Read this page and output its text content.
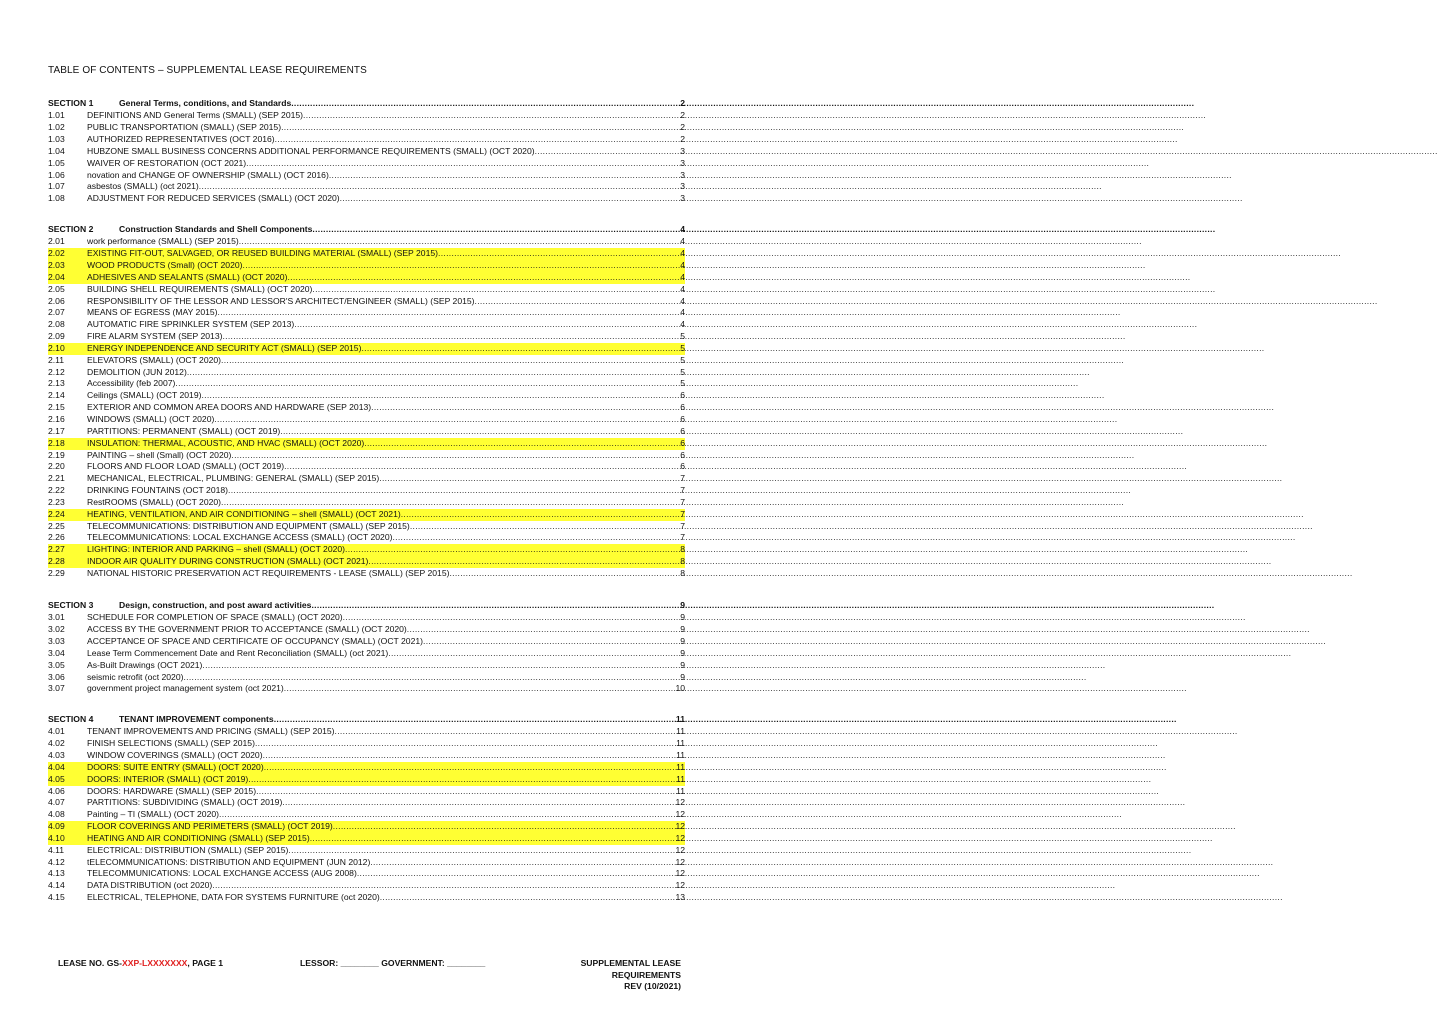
TABLE OF CONTENTS – SUPPLEMENTAL LEASE REQUIREMENTS
SECTION 1	General Terms, conditions, and Standards .....	2
1.01	DEFINITIONS AND General Terms (SMALL) (SEP 2015) .....	2
1.02	PUBLIC TRANSPORTATION (SMALL) (SEP 2015) .....	2
1.03	AUTHORIZED REPRESENTATIVES (OCT 2016) .....	2
1.04	HUBZONE SMALL BUSINESS CONCERNS ADDITIONAL PERFORMANCE REQUIREMENTS (SMALL) (OCT 2020) .....	3
1.05	WAIVER OF RESTORATION (OCT 2021) .....	3
1.06	novation and CHANGE OF OWNERSHIP (SMALL) (OCT 2016) .....	3
1.07	asbestos (SMALL) (oct 2021) .....	3
1.08	ADJUSTMENT FOR REDUCED SERVICES (SMALL) (OCT 2020) .....	3
SECTION 2	Construction Standards and Shell Components .....	4
2.01	work performance (SMALL) (SEP 2015) .....	4
2.02	EXISTING FIT-OUT, SALVAGED, OR REUSED BUILDING MATERIAL (SMALL) (SEP 2015) .....	4
2.03	WOOD PRODUCTS (Small) (OCT 2020) .....	4
2.04	ADHESIVES AND SEALANTS (SMALL) (OCT 2020) .....	4
2.05	BUILDING SHELL REQUIREMENTS (SMALL) (OCT 2020) .....	4
2.06	RESPONSIBILITY OF THE LESSOR AND LESSOR'S ARCHITECT/ENGINEER (SMALL) (SEP 2015) .....	4
2.07	MEANS OF EGRESS (MAY 2015) .....	4
2.08	AUTOMATIC FIRE SPRINKLER SYSTEM (SEP 2013) .....	4
2.09	FIRE ALARM SYSTEM (SEP 2013) .....	5
2.10	ENERGY INDEPENDENCE AND SECURITY ACT (SMALL) (SEP 2015) .....	5
2.11	ELEVATORS (SMALL) (OCT 2020) .....	5
2.12	DEMOLITION (JUN 2012) .....	5
2.13	Accessibility (feb 2007) .....	5
2.14	Ceilings (SMALL) (OCT 2019) .....	6
2.15	EXTERIOR AND COMMON AREA DOORS AND HARDWARE (SEP 2013) .....	6
2.16	WINDOWS (SMALL) (OCT 2020) .....	6
2.17	PARTITIONS: PERMANENT (SMALL) (OCT 2019) .....	6
2.18	INSULATION: THERMAL, ACOUSTIC, AND HVAC (SMALL) (OCT 2020) .....	6
2.19	PAINTING – shell (Small) (OCT 2020) .....	6
2.20	FLOORS AND FLOOR LOAD (SMALL) (OCT 2019) .....	6
2.21	MECHANICAL, ELECTRICAL, PLUMBING: GENERAL (SMALL) (SEP 2015) .....	7
2.22	DRINKING FOUNTAINS (OCT 2018) .....	7
2.23	RestROOMS (SMALL) (OCT 2020) .....	7
2.24	HEATING, VENTILATION, AND AIR CONDITIONING – shell (SMALL) (OCT 2021) .....	7
2.25	TELECOMMUNICATIONS: DISTRIBUTION AND EQUIPMENT (SMALL) (SEP 2015) .....	7
2.26	TELECOMMUNICATIONS: LOCAL EXCHANGE ACCESS (SMALL) (OCT 2020) .....	7
2.27	LIGHTING: INTERIOR AND PARKING – shell (SMALL) (OCT 2020) .....	8
2.28	INDOOR AIR QUALITY DURING CONSTRUCTION (SMALL) (OCT 2021) .....	8
2.29	NATIONAL HISTORIC PRESERVATION ACT REQUIREMENTS - LEASE (SMALL) (SEP 2015) .....	8
SECTION 3	Design, construction, and post award activities .....	9
3.01	SCHEDULE FOR COMPLETION OF SPACE (SMALL) (OCT 2020) .....	9
3.02	ACCESS BY THE GOVERNMENT PRIOR TO ACCEPTANCE (SMALL) (OCT 2020) .....	9
3.03	ACCEPTANCE OF SPACE AND CERTIFICATE OF OCCUPANCY (SMALL) (OCT 2021) .....	9
3.04	Lease Term Commencement Date and Rent Reconciliation (SMALL) (oct 2021) .....	9
3.05	As-Built Drawings (OCT 2021) .....	9
3.06	seismic retrofit (oct 2020) .....	9
3.07	government project management system (oct 2021) .....	10
SECTION 4	TENANT IMPROVEMENT components .....	11
4.01	TENANT IMPROVEMENTS AND PRICING (SMALL) (SEP 2015) .....	11
4.02	FINISH SELECTIONS (SMALL) (SEP 2015) .....	11
4.03	WINDOW COVERINGS (SMALL) (OCT 2020) .....	11
4.04	DOORS: SUITE ENTRY (SMALL) (OCT 2020) .....	11
4.05	DOORS: INTERIOR (SMALL) (OCT 2019) .....	11
4.06	DOORS: HARDWARE (SMALL) (SEP 2015) .....	11
4.07	PARTITIONS: SUBDIVIDING (SMALL) (OCT 2019) .....	12
4.08	Painting – TI (SMALL) (OCT 2020) .....	12
4.09	FLOOR COVERINGS AND PERIMETERS (SMALL) (OCT 2019) .....	12
4.10	HEATING AND AIR CONDITIONING (SMALL) (SEP 2015) .....	12
4.11	ELECTRICAL: DISTRIBUTION (SMALL) (SEP 2015) .....	12
4.12	tELECOMMUNICATIONS: DISTRIBUTION AND EQUIPMENT (JUN 2012) .....	12
4.13	TELECOMMUNICATIONS: LOCAL EXCHANGE ACCESS (AUG 2008) .....	12
4.14	DATA DISTRIBUTION (oct 2020) .....	12
4.15	ELECTRICAL, TELEPHONE, DATA FOR SYSTEMS FURNITURE (oct 2020) .....	13
LEASE NO. GS-XXP-LXXXXXXX, PAGE 1	LESSOR: ________ GOVERNMENT: ________	SUPPLEMENTAL LEASE
REQUIREMENTS
REV (10/2021)
